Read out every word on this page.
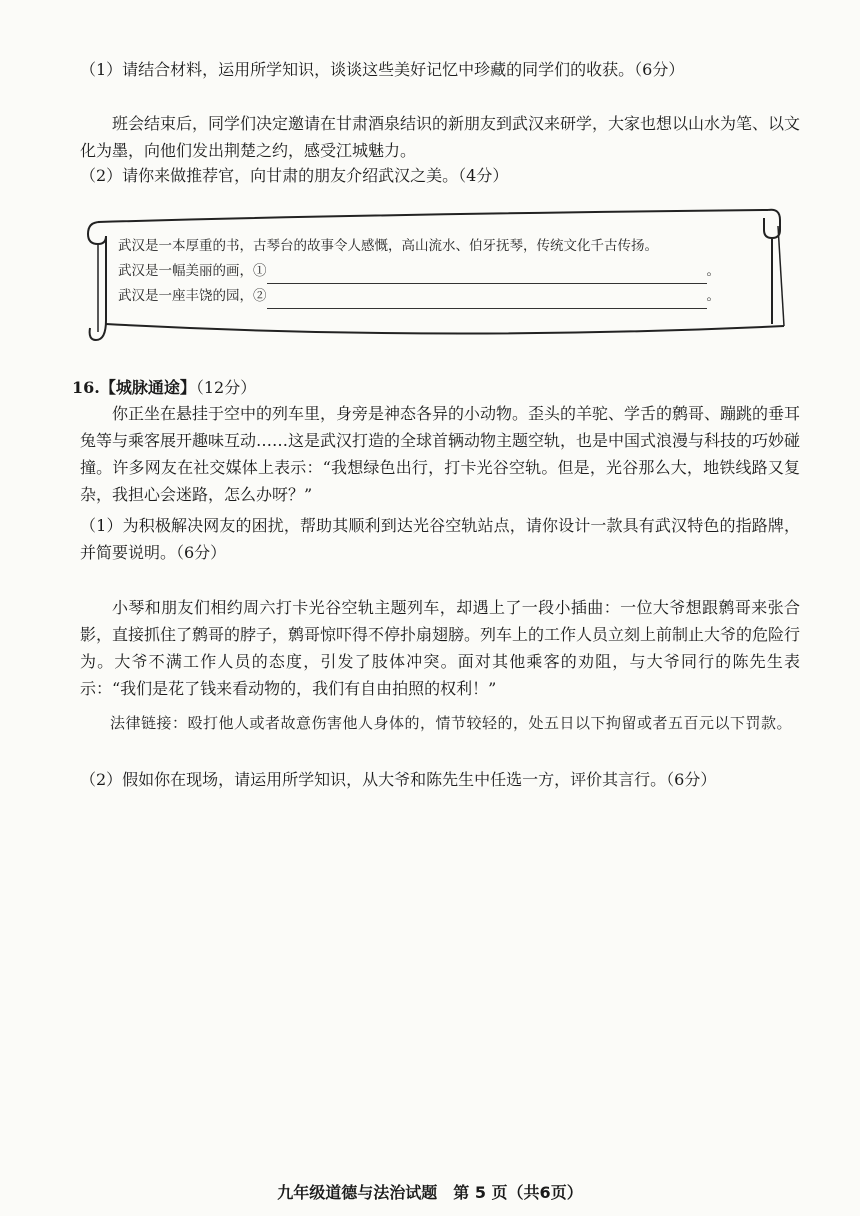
（1）请结合材料，运用所学知识，谈谈这些美好记忆中珍藏的同学们的收获。（6分）

班会结束后，同学们决定邀请在甘肃酒泉结识的新朋友到武汉来研学，大家也想以山水为笔、以文化为墨，向他们发出荆楚之约，感受江城魅力。

（2）请你来做推荐官，向甘肃的朋友介绍武汉之美。（4分）

武汉是一本厚重的书，古琴台的故事令人感慨，高山流水、伯牙抚琴，传统文化千古传扬。
武汉是一幅美丽的画，①	。
武汉是一座丰饶的园，②	。

16.【城脉通途】（12分）

你正坐在悬挂于空中的列车里，身旁是神态各异的小动物。歪头的羊驼、学舌的鹩哥、蹦跳的垂耳兔等与乘客展开趣味互动……这是武汉打造的全球首辆动物主题空轨，也是中国式浪漫与科技的巧妙碰撞。许多网友在社交媒体上表示：“我想绿色出行，打卡光谷空轨。但是，光谷那么大，地铁线路又复杂，我担心会迷路，怎么办呀？”

（1）为积极解决网友的困扰，帮助其顺利到达光谷空轨站点，请你设计一款具有武汉特色的指路牌，并简要说明。（6分）

小琴和朋友们相约周六打卡光谷空轨主题列车，却遇上了一段小插曲：一位大爷想跟鹩哥来张合影，直接抓住了鹩哥的脖子，鹩哥惊吓得不停扑扇翅膀。列车上的工作人员立刻上前制止大爷的危险行为。大爷不满工作人员的态度，引发了肢体冲突。面对其他乘客的劝阻，与大爷同行的陈先生表示：“我们是花了钱来看动物的，我们有自由拍照的权利！”

法律链接：殴打他人或者故意伤害他人身体的，情节较轻的，处五日以下拘留或者五百元以下罚款。

（2）假如你在现场，请运用所学知识，从大爷和陈先生中任选一方，评价其言行。（6分）

九年级道德与法治试题　第 5 页（共6页）
